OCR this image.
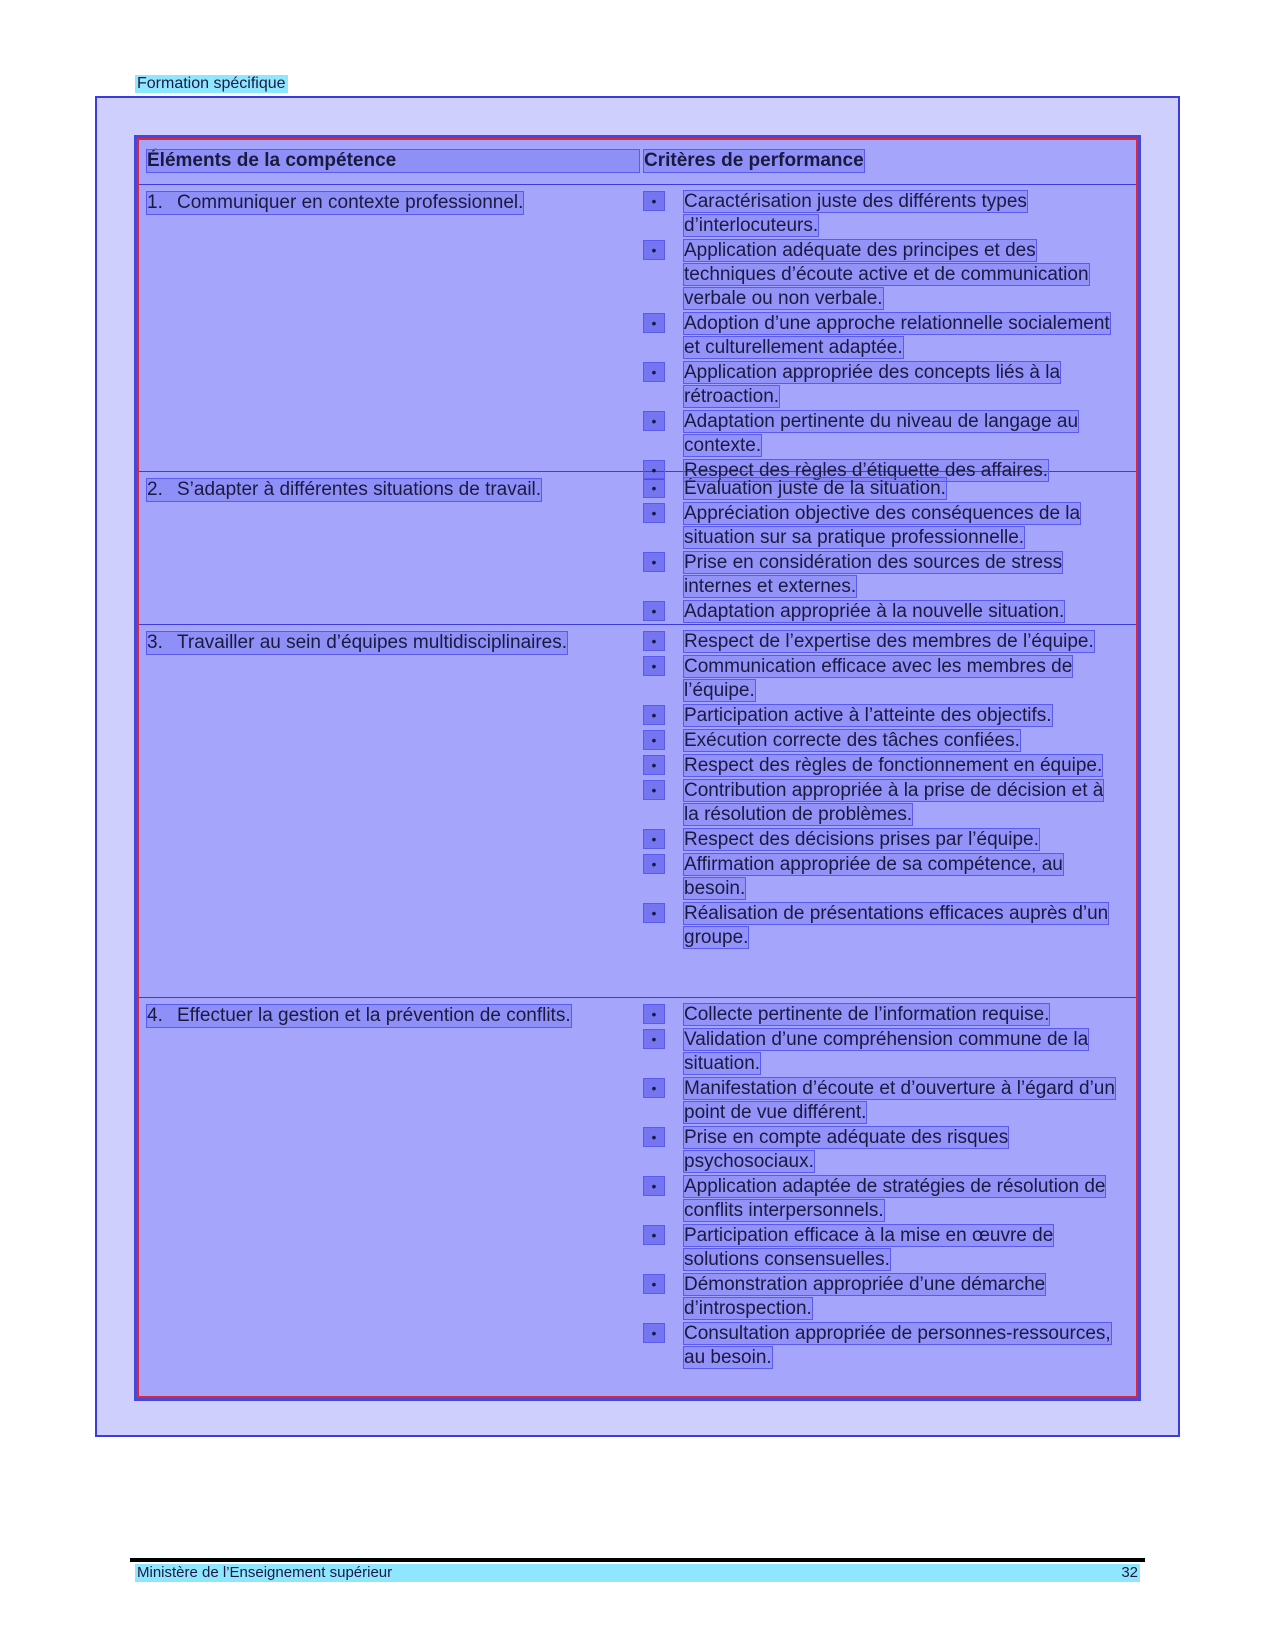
Formation spécifique
Éléments de la compétence	Critères de performance
1. Communiquer en contexte professionnel.	•	Caractérisation juste des différents types d’interlocuteurs.
•	Application adéquate des principes et des techniques d’écoute active et de communication verbale ou non verbale.
•	Adoption d’une approche relationnelle socialement et culturellement adaptée.
•	Application appropriée des concepts liés à la rétroaction.
•	Adaptation pertinente du niveau de langage au contexte.
•	Respect des règles d’étiquette des affaires.
2. S’adapter à différentes situations de travail.	•	Évaluation juste de la situation.
•	Appréciation objective des conséquences de la situation sur sa pratique professionnelle.
•	Prise en considération des sources de stress internes et externes.
•	Adaptation appropriée à la nouvelle situation.
3. Travailler au sein d’équipes multidisciplinaires.	•	Respect de l’expertise des membres de l’équipe.
•	Communication efficace avec les membres de l’équipe.
•	Participation active à l’atteinte des objectifs.
•	Exécution correcte des tâches confiées.
•	Respect des règles de fonctionnement en équipe.
•	Contribution appropriée à la prise de décision et à la résolution de problèmes.
•	Respect des décisions prises par l’équipe.
•	Affirmation appropriée de sa compétence, au besoin.
•	Réalisation de présentations efficaces auprès d’un groupe.
4. Effectuer la gestion et la prévention de conflits.	•	Collecte pertinente de l’information requise.
•	Validation d’une compréhension commune de la situation.
•	Manifestation d’écoute et d’ouverture à l’égard d’un point de vue différent.
•	Prise en compte adéquate des risques psychosociaux.
•	Application adaptée de stratégies de résolution de conflits interpersonnels.
•	Participation efficace à la mise en œuvre de solutions consensuelles.
•	Démonstration appropriée d’une démarche d’introspection.
•	Consultation appropriée de personnes-ressources, au besoin.
Ministère de l’Enseignement supérieur	32
